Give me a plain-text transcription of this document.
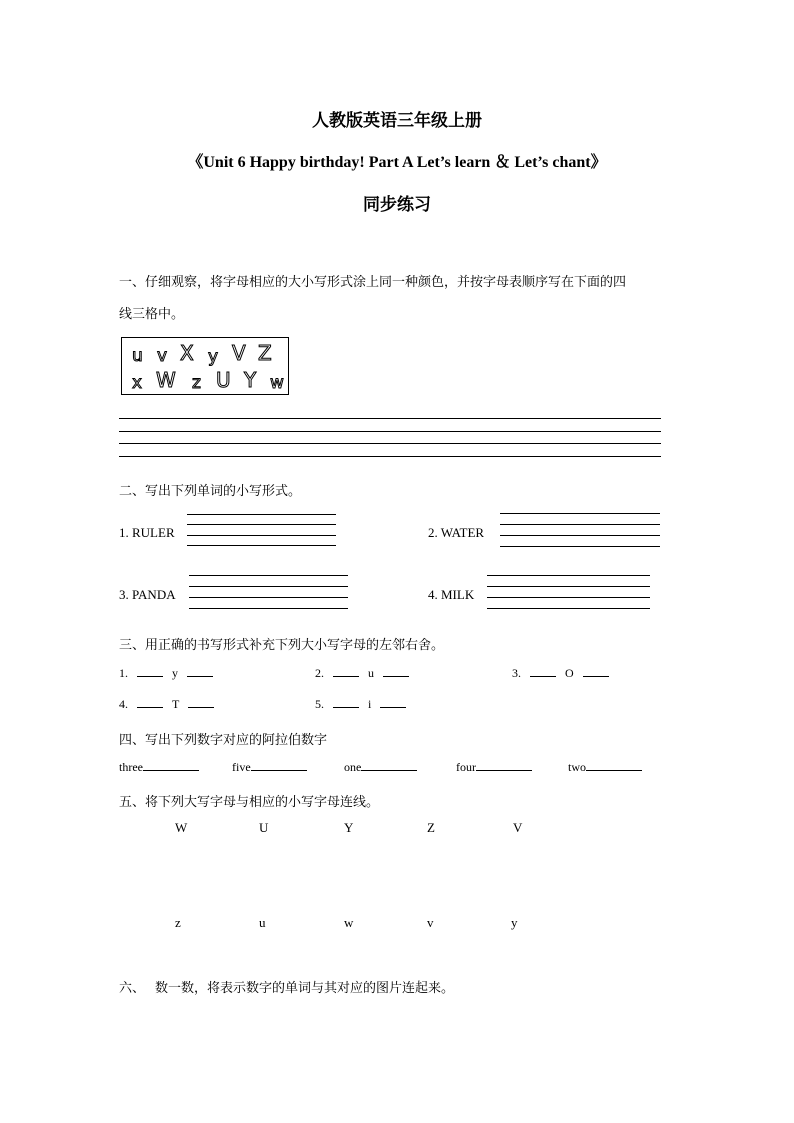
人教版英语三年级上册
《Unit 6 Happy birthday! Part A Let’s learn ＆ Let’s chant》
同步练习
一、仔细观察，将字母相应的大小写形式涂上同一种颜色，并按字母表顺序写在下面的四
线三格中。
u v X y V Z
x W z U Y w
二、写出下列单词的小写形式。
1. RULER	2. WATER
3. PANDA	4. MILK
三、用正确的书写形式补充下列大小写字母的左邻右舍。
1.	y	2.	u	3.	O
4.	T	5.	i
四、写出下列数字对应的阿拉伯数字
three	five	one	four	two
五、将下列大写字母与相应的小写字母连线。
W	U	Y	Z	V
z	u	w	v	y
六、 数一数，将表示数字的单词与其对应的图片连起来。
